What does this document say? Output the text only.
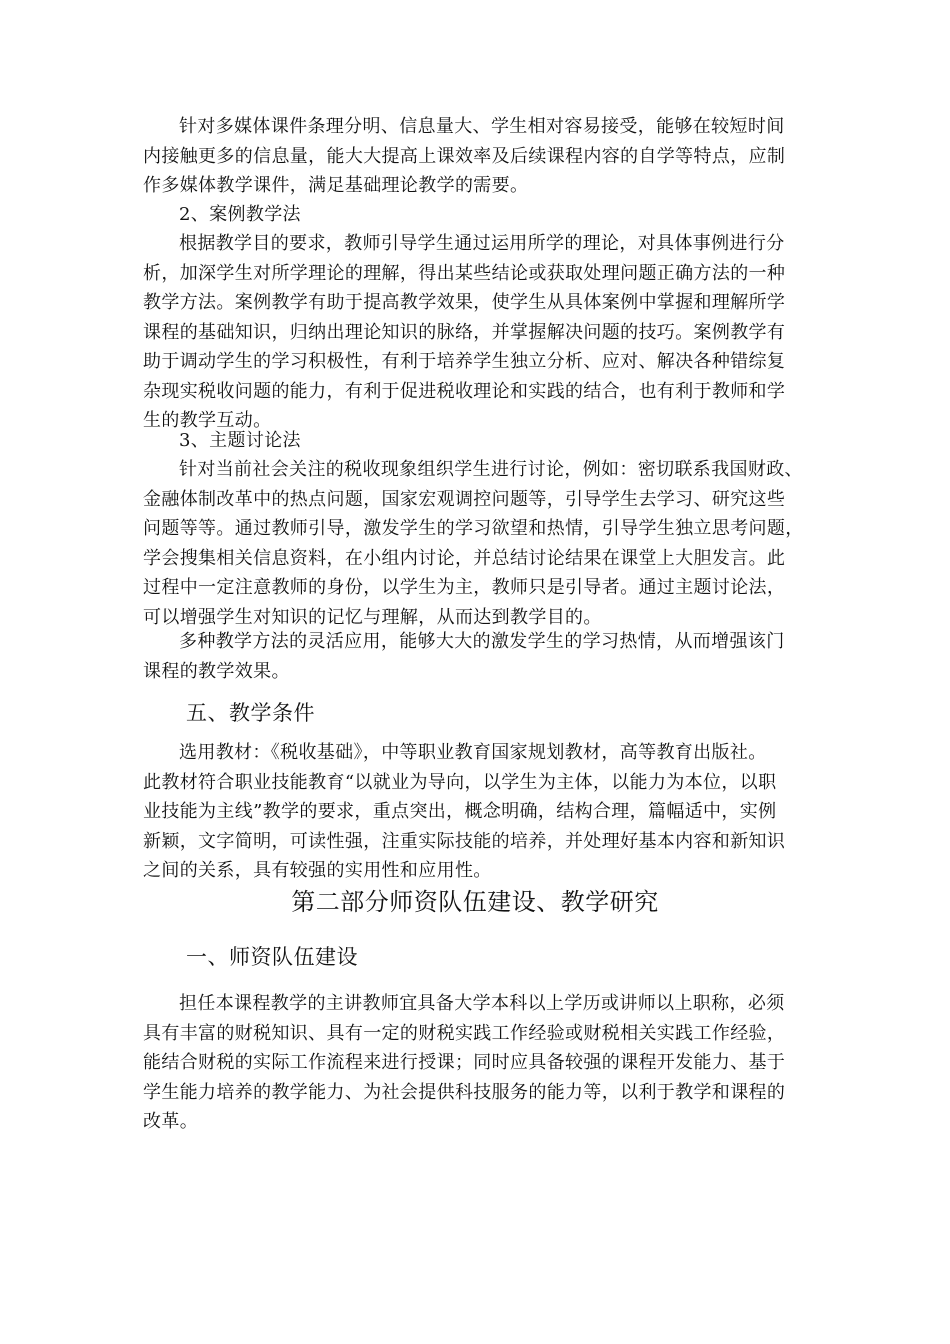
针对多媒体课件条理分明、信息量大、学生相对容易接受，能够在较短时间
内接触更多的信息量，能大大提高上课效率及后续课程内容的自学等特点，应制
作多媒体教学课件，满足基础理论教学的需要。
2、案例教学法
根据教学目的要求，教师引导学生通过运用所学的理论，对具体事例进行分
析，加深学生对所学理论的理解，得出某些结论或获取处理问题正确方法的一种
教学方法。案例教学有助于提高教学效果，使学生从具体案例中掌握和理解所学
课程的基础知识，归纳出理论知识的脉络，并掌握解决问题的技巧。案例教学有
助于调动学生的学习积极性，有利于培养学生独立分析、应对、解决各种错综复
杂现实税收问题的能力，有利于促进税收理论和实践的结合，也有利于教师和学
生的教学互动。
3、主题讨论法
针对当前社会关注的税收现象组织学生进行讨论，例如：密切联系我国财政、
金融体制改革中的热点问题，国家宏观调控问题等，引导学生去学习、研究这些
问题等等。通过教师引导，激发学生的学习欲望和热情，引导学生独立思考问题，
学会搜集相关信息资料，在小组内讨论，并总结讨论结果在课堂上大胆发言。此
过程中一定注意教师的身份，以学生为主，教师只是引导者。通过主题讨论法，
可以增强学生对知识的记忆与理解，从而达到教学目的。
多种教学方法的灵活应用，能够大大的激发学生的学习热情，从而增强该门
课程的教学效果。
五、教学条件
选用教材：《税收基础》，中等职业教育国家规划教材，高等教育出版社。
此教材符合职业技能教育“以就业为导向，以学生为主体，以能力为本位，以职
业技能为主线”教学的要求，重点突出，概念明确，结构合理，篇幅适中，实例
新颖，文字简明，可读性强，注重实际技能的培养，并处理好基本内容和新知识
之间的关系，具有较强的实用性和应用性。
第二部分师资队伍建设、教学研究
一、师资队伍建设
担任本课程教学的主讲教师宜具备大学本科以上学历或讲师以上职称，必须
具有丰富的财税知识、具有一定的财税实践工作经验或财税相关实践工作经验，
能结合财税的实际工作流程来进行授课；同时应具备较强的课程开发能力、基于
学生能力培养的教学能力、为社会提供科技服务的能力等，以利于教学和课程的
改革。
